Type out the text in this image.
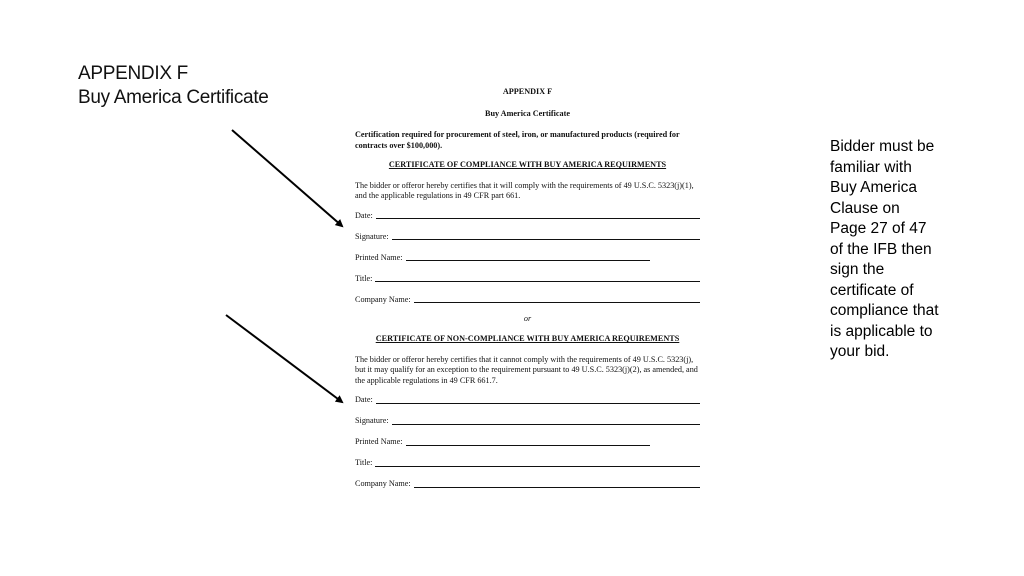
APPENDIX F
Buy America Certificate	APPENDIX F
Buy America Certificate
Certification required for procurement of steel, iron, or manufactured products (required for contracts over $100,000).
CERTIFICATE OF COMPLIANCE WITH BUY AMERICA REQUIRMENTS
The bidder or offeror hereby certifies that it will comply with the requirements of 49 U.S.C. 5323(j)(1), and the applicable regulations in 49 CFR part 661.
Date:
Signature:
Printed Name:
Title:
Company Name:
or
CERTIFICATE OF NON-COMPLIANCE WITH BUY AMERICA REQUIREMENTS
The bidder or offeror hereby certifies that it cannot comply with the requirements of 49 U.S.C. 5323(j), but it may qualify for an exception to the requirement pursuant to 49 U.S.C. 5323(j)(2), as amended, and the applicable regulations in 49 CFR 661.7.
Date:
Signature:
Printed Name:
Title:
Company Name:
Bidder must be familiar with Buy America Clause on Page 27 of 47 of the IFB then sign the certificate of compliance that is applicable to your bid.
